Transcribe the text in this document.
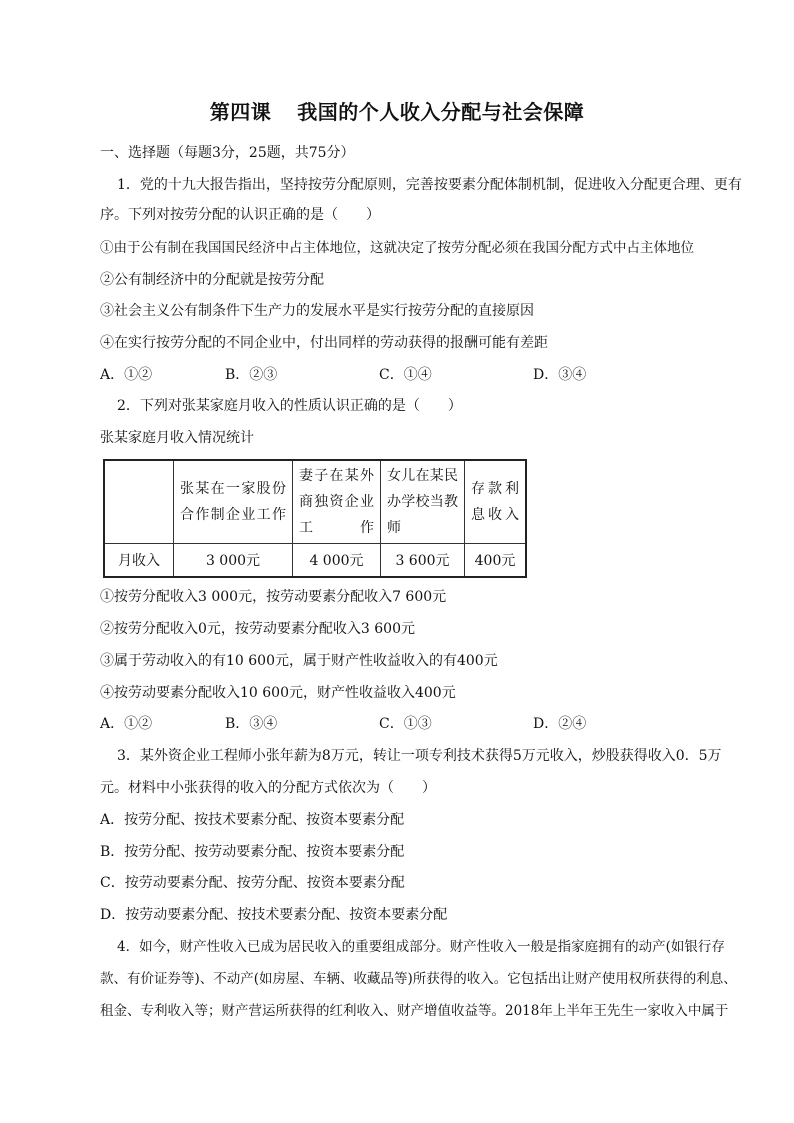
第四课 我国的个人收入分配与社会保障
一、选择题（每题3分，25题，共75分）
1．党的十九大报告指出，坚持按劳分配原则，完善按要素分配体制机制，促进收入分配更合理、更有
序。下列对按劳分配的认识正确的是（　　）
①由于公有制在我国国民经济中占主体地位，这就决定了按劳分配必须在我国分配方式中占主体地位
②公有制经济中的分配就是按劳分配
③社会主义公有制条件下生产力的发展水平是实行按劳分配的直接原因
④在实行按劳分配的不同企业中，付出同样的劳动获得的报酬可能有差距
A．①②	B．②③	C．①④	D．③④
2．下列对张某家庭月收入的性质认识正确的是（　　）
张某家庭月收入情况统计

	张某在一家股份合作制企业工作	妻子在某外商独资企业工作	女儿在某民办学校当教师	存款利息收入

月收入	3 000元	4 000元	3 600元	400元
①按劳分配收入3 000元，按劳动要素分配收入7 600元
②按劳分配收入0元，按劳动要素分配收入3 600元
③属于劳动收入的有10 600元，属于财产性收益收入的有400元
④按劳动要素分配收入10 600元，财产性收益收入400元
A．①②	B．③④	C．①③	D．②④
3．某外资企业工程师小张年薪为8万元，转让一项专利技术获得5万元收入，炒股获得收入0．5万
元。材料中小张获得的收入的分配方式依次为（　　）
A．按劳分配、按技术要素分配、按资本要素分配
B．按劳分配、按劳动要素分配、按资本要素分配
C．按劳动要素分配、按劳分配、按资本要素分配
D．按劳动要素分配、按技术要素分配、按资本要素分配
4．如今，财产性收入已成为居民收入的重要组成部分。财产性收入一般是指家庭拥有的动产(如银行存
款、有价证券等)、不动产(如房屋、车辆、收藏品等)所获得的收入。它包括出让财产使用权所获得的利息、
租金、专利收入等；财产营运所获得的红利收入、财产增值收益等。2018年上半年王先生一家收入中属于
